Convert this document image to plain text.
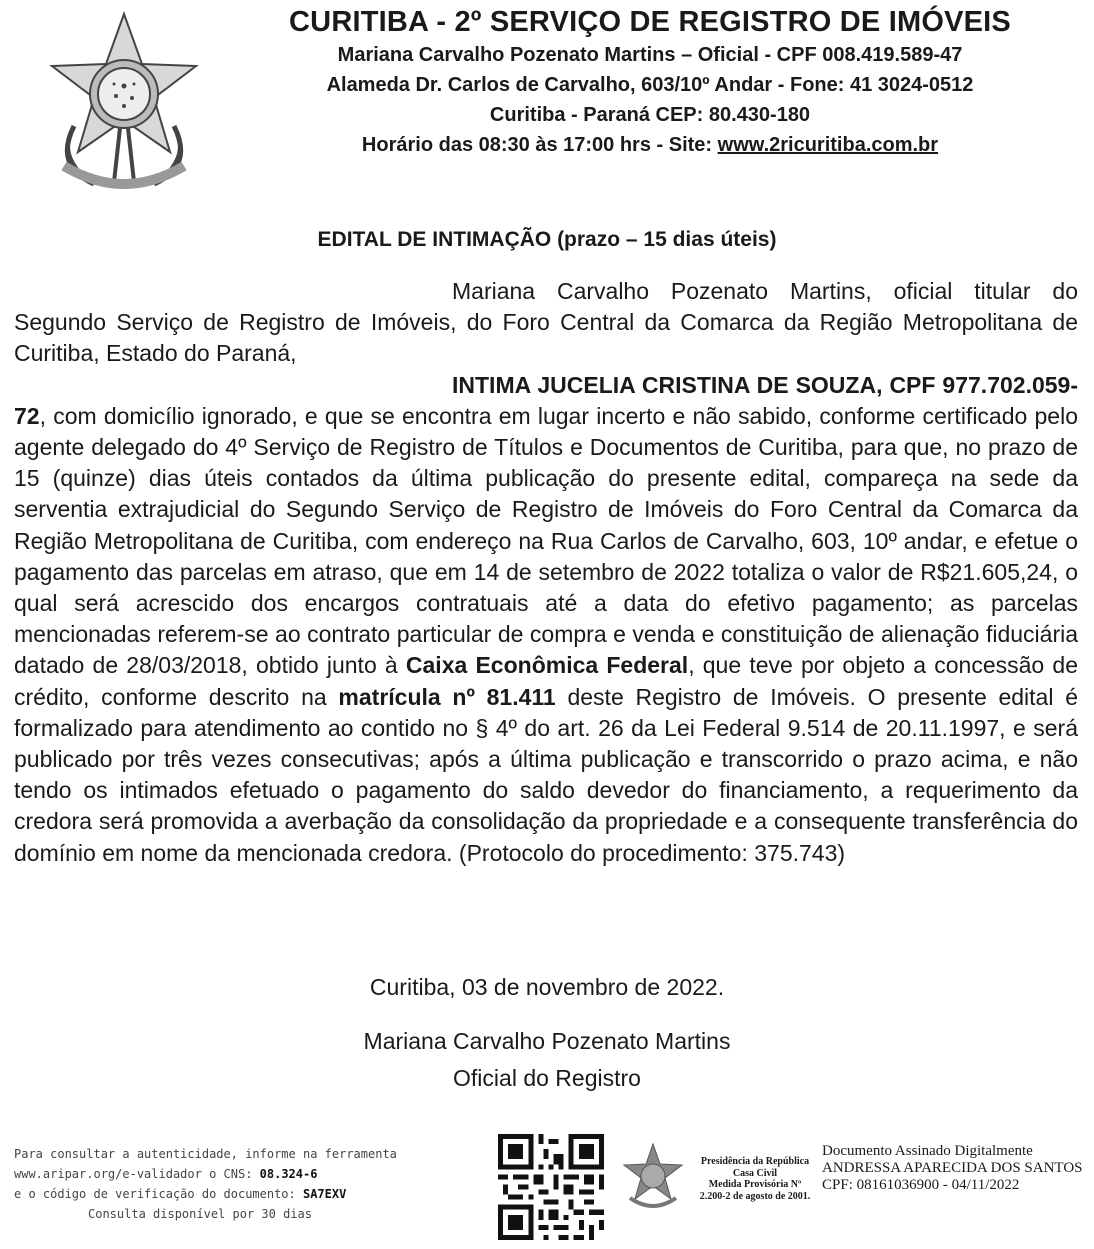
CURITIBA - 2º SERVIÇO DE REGISTRO DE IMÓVEIS
Mariana Carvalho Pozenato Martins – Oficial - CPF 008.419.589-47
Alameda Dr. Carlos de Carvalho, 603/10º Andar - Fone: 41 3024-0512
Curitiba - Paraná CEP: 80.430-180
Horário das 08:30 às 17:00 hrs - Site: www.2ricuritiba.com.br
EDITAL DE INTIMAÇÃO (prazo – 15 dias úteis)

Mariana Carvalho Pozenato Martins, oficial titular do Segundo Serviço de Registro de Imóveis, do Foro Central da Comarca da Região Metropolitana de Curitiba, Estado do Paraná,

INTIMA JUCELIA CRISTINA DE SOUZA, CPF 977.702.059-72, com domicílio ignorado, e que se encontra em lugar incerto e não sabido, conforme certificado pelo agente delegado do 4º Serviço de Registro de Títulos e Documentos de Curitiba, para que, no prazo de 15 (quinze) dias úteis contados da última publicação do presente edital, compareça na sede da serventia extrajudicial do Segundo Serviço de Registro de Imóveis do Foro Central da Comarca da Região Metropolitana de Curitiba, com endereço na Rua Carlos de Carvalho, 603, 10º andar, e efetue o pagamento das parcelas em atraso, que em 14 de setembro de 2022 totaliza o valor de R$21.605,24, o qual será acrescido dos encargos contratuais até a data do efetivo pagamento; as parcelas mencionadas referem-se ao contrato particular de compra e venda e constituição de alienação fiduciária datado de 28/03/2018, obtido junto à Caixa Econômica Federal, que teve por objeto a concessão de crédito, conforme descrito na matrícula nº 81.411 deste Registro de Imóveis. O presente edital é formalizado para atendimento ao contido no § 4º do art. 26 da Lei Federal 9.514 de 20.11.1997, e será publicado por três vezes consecutivas; após a última publicação e transcorrido o prazo acima, e não tendo os intimados efetuado o pagamento do saldo devedor do financiamento, a requerimento da credora será promovida a averbação da consolidação da propriedade e a consequente transferência do domínio em nome da mencionada credora. (Protocolo do procedimento: 375.743)

Curitiba, 03 de novembro de 2022.
Mariana Carvalho Pozenato Martins
Oficial do Registro
Para consultar a autenticidade, informe na ferramenta
www.aripar.org/e-validador o CNS: 08.324-6
e o código de verificação do documento: SA7EXV
Consulta disponível por 30 dias
Presidência da República
Casa Civil
Medida Provisória Nº
2.200-2 de agosto de 2001.
Documento Assinado Digitalmente
ANDRESSA APARECIDA DOS SANTOS
CPF: 08161036900 - 04/11/2022
